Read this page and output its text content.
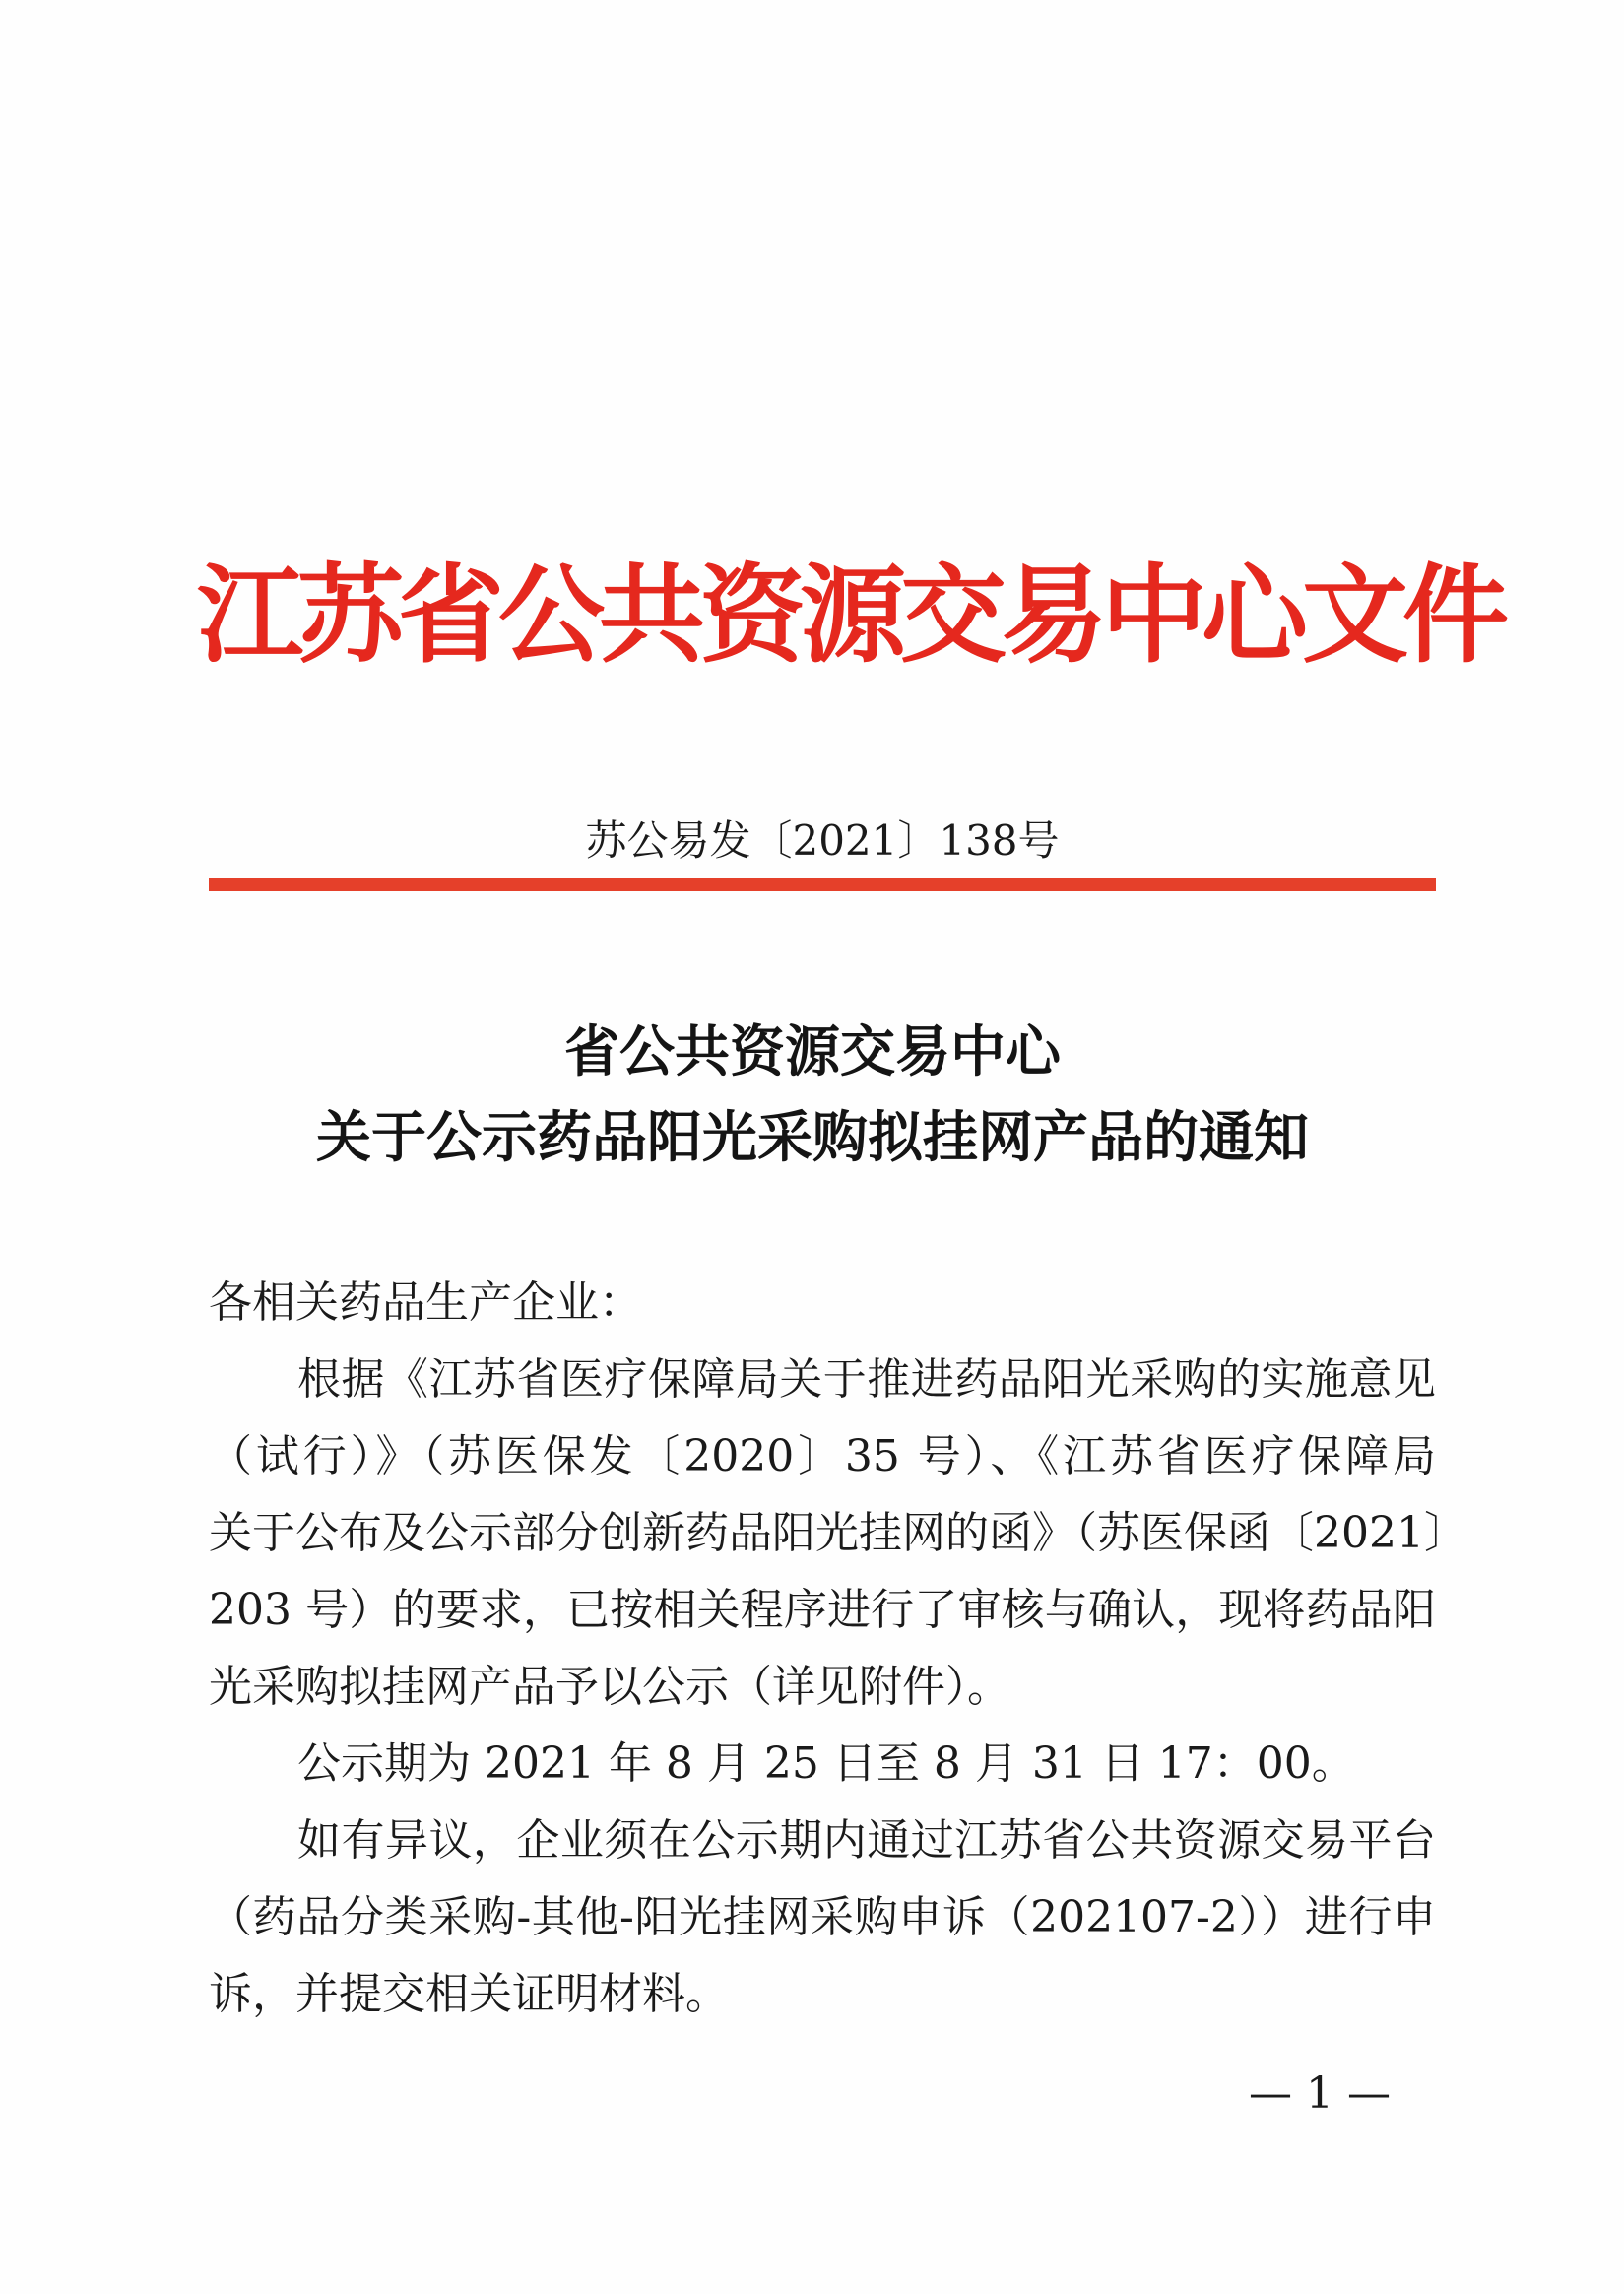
江苏省公共资源交易中心文件
苏公易发〔2021〕138号
省公共资源交易中心
关于公示药品阳光采购拟挂网产品的通知
各相关药品生产企业：
根据《江苏省医疗保障局关于推进药品阳光采购的实施意见
（试行）》（苏医保发〔2020〕35 号）、《江苏省医疗保障局
关于公布及公示部分创新药品阳光挂网的函》（苏医保函〔2021〕
203 号）的要求，已按相关程序进行了审核与确认，现将药品阳
光采购拟挂网产品予以公示（详见附件）。
公示期为 2021 年 8 月 25 日至 8 月 31 日 17：00。
如有异议，企业须在公示期内通过江苏省公共资源交易平台
（药品分类采购-其他-阳光挂网采购申诉（202107-2））进行申
诉，并提交相关证明材料。
— 1 —
